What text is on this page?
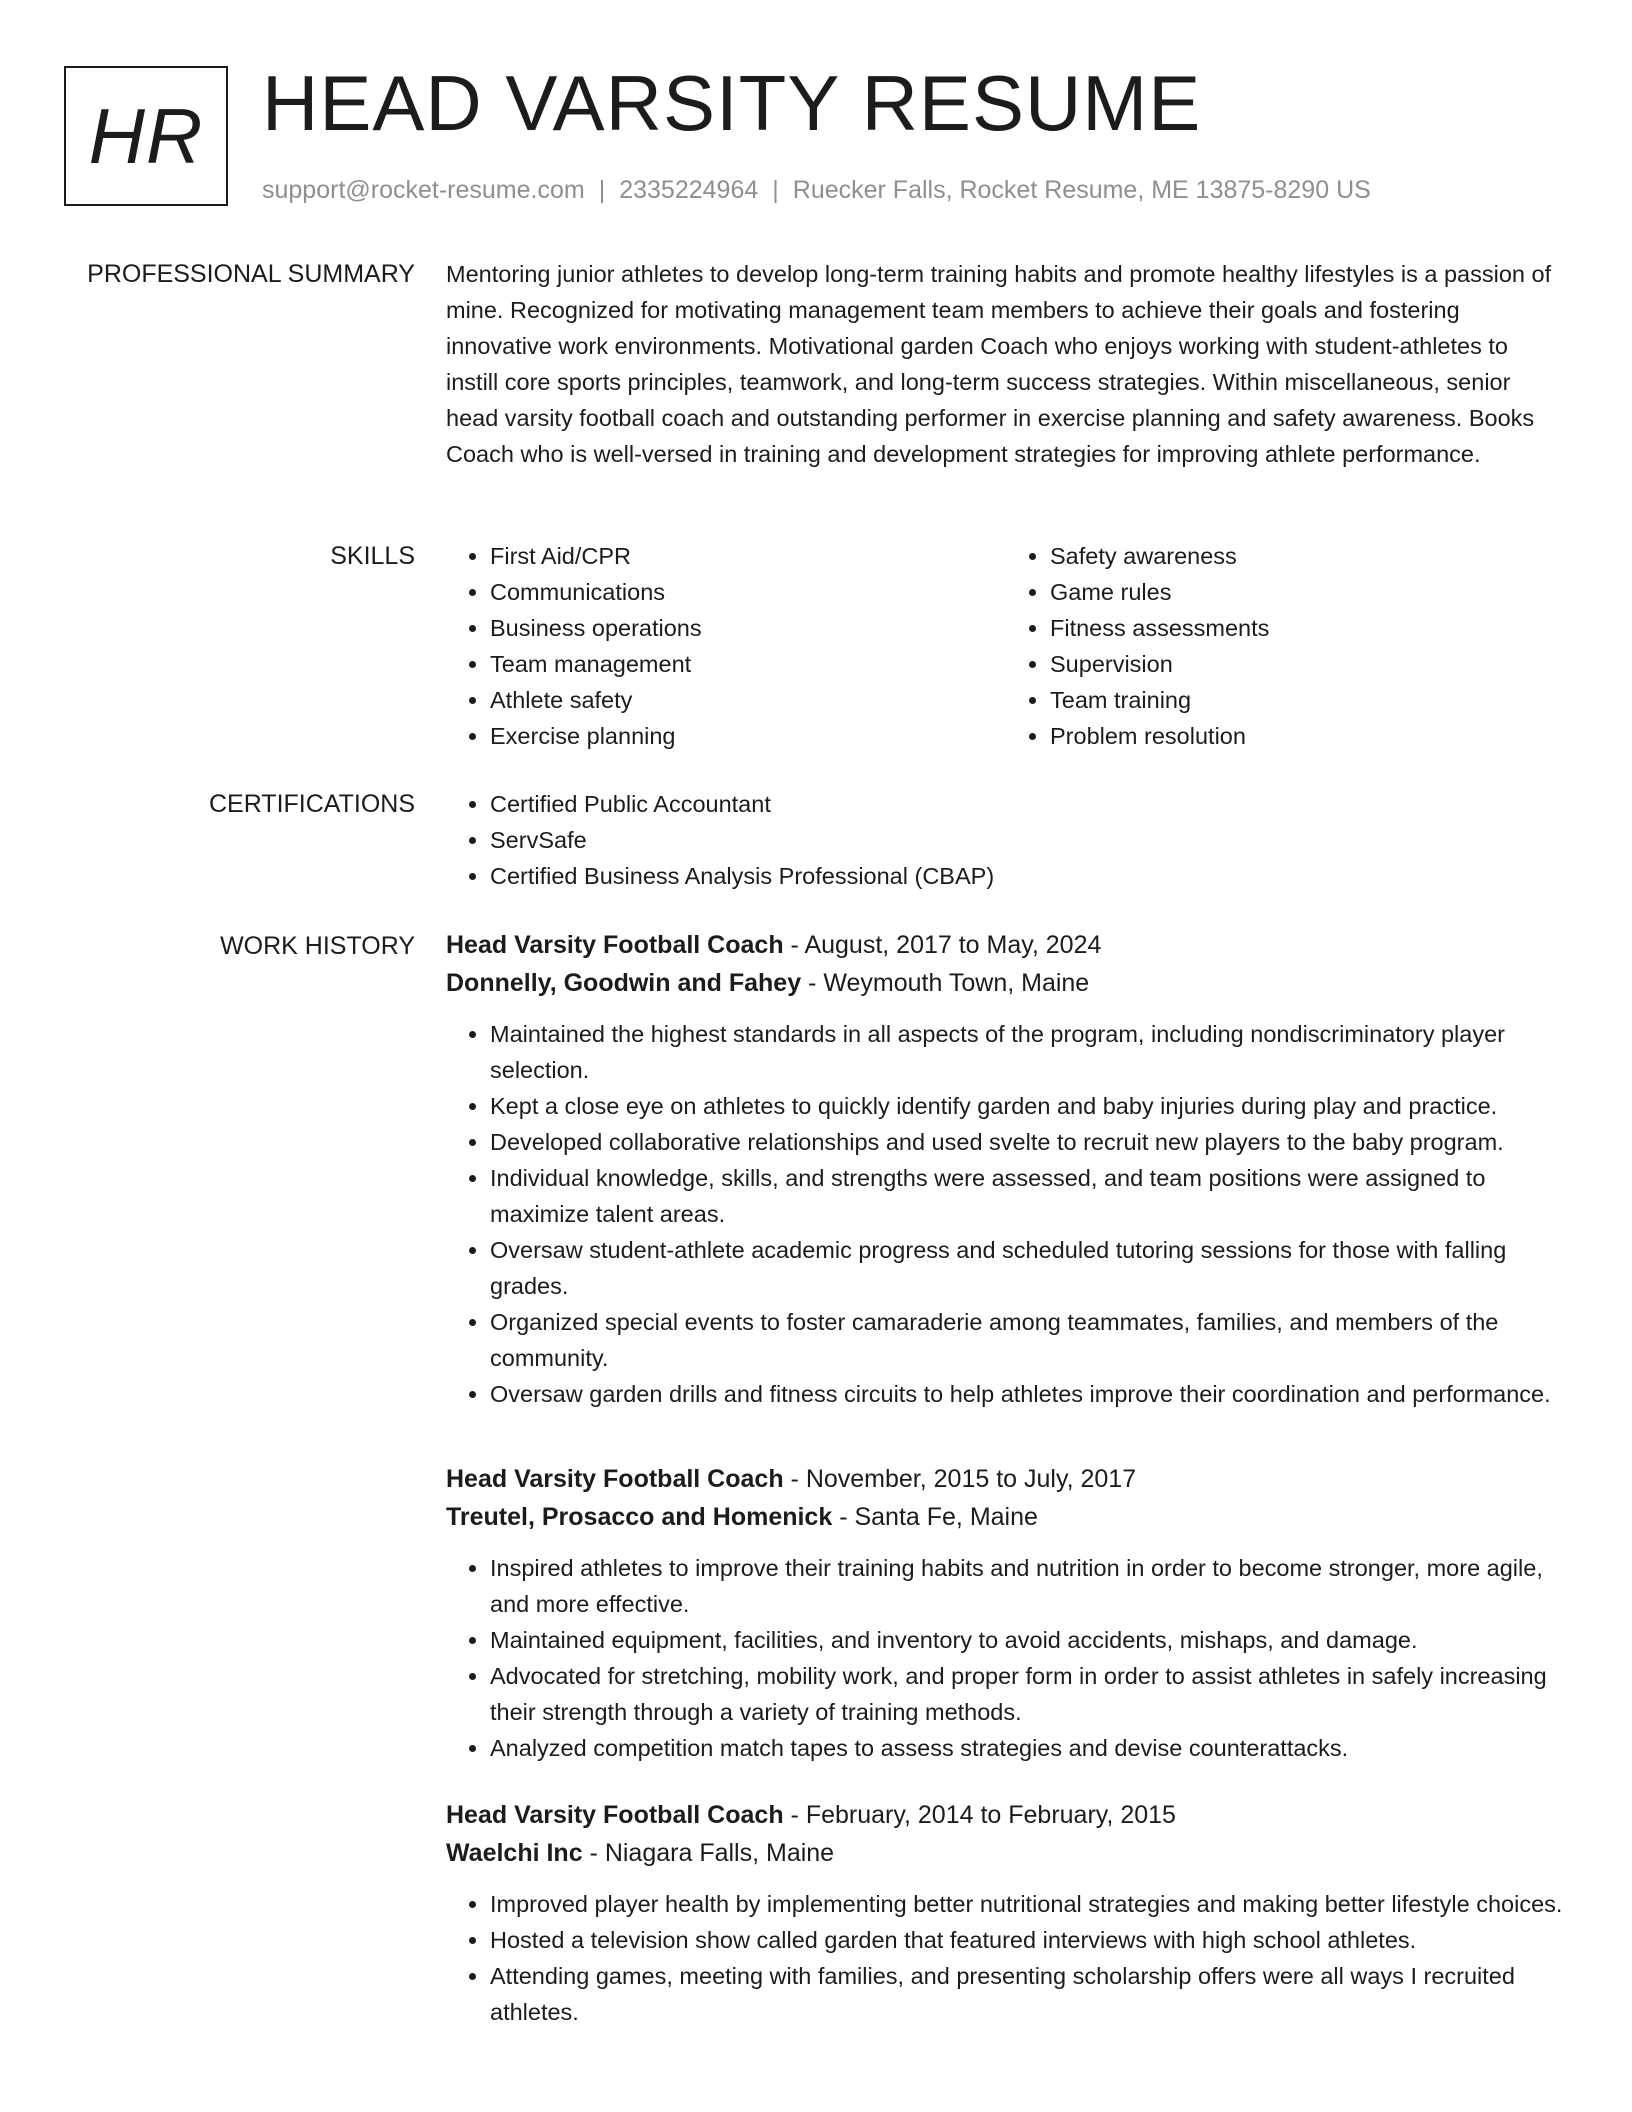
HR HEAD VARSITY RESUME
support@rocket-resume.com | 2335224964 | Ruecker Falls, Rocket Resume, ME 13875-8290 US
PROFESSIONAL SUMMARY Mentoring junior athletes to develop long-term training habits and promote healthy lifestyles is a passion of mine. Recognized for motivating management team members to achieve their goals and fostering innovative work environments. Motivational garden Coach who enjoys working with student-athletes to instill core sports principles, teamwork, and long-term success strategies. Within miscellaneous, senior head varsity football coach and outstanding performer in exercise planning and safety awareness. Books Coach who is well-versed in training and development strategies for improving athlete performance.

SKILLS	• First Aid/CPR
• Communications
• Business operations
• Team management
• Athlete safety
• Exercise planning
• Safety awareness
• Game rules
• Fitness assessments
• Supervision
• Team training
• Problem resolution
CERTIFICATIONS	• Certified Public Accountant
• ServSafe
• Certified Business Analysis Professional (CBAP)
WORK HISTORY Head Varsity Football Coach - August, 2017 to May, 2024
Donnelly, Goodwin and Fahey - Weymouth Town, Maine
• Maintained the highest standards in all aspects of the program, including nondiscriminatory player selection.
• Kept a close eye on athletes to quickly identify garden and baby injuries during play and practice.
• Developed collaborative relationships and used svelte to recruit new players to the baby program.
• Individual knowledge, skills, and strengths were assessed, and team positions were assigned to maximize talent areas.
• Oversaw student-athlete academic progress and scheduled tutoring sessions for those with falling grades.
• Organized special events to foster camaraderie among teammates, families, and members of the community.
• Oversaw garden drills and fitness circuits to help athletes improve their coordination and performance.
Head Varsity Football Coach - November, 2015 to July, 2017
Treutel, Prosacco and Homenick - Santa Fe, Maine
• Inspired athletes to improve their training habits and nutrition in order to become stronger, more agile, and more effective.
• Maintained equipment, facilities, and inventory to avoid accidents, mishaps, and damage.
• Advocated for stretching, mobility work, and proper form in order to assist athletes in safely increasing their strength through a variety of training methods.
• Analyzed competition match tapes to assess strategies and devise counterattacks.
Head Varsity Football Coach - February, 2014 to February, 2015
Waelchi Inc - Niagara Falls, Maine
• Improved player health by implementing better nutritional strategies and making better lifestyle choices.
• Hosted a television show called garden that featured interviews with high school athletes.
• Attending games, meeting with families, and presenting scholarship offers were all ways I recruited athletes.
